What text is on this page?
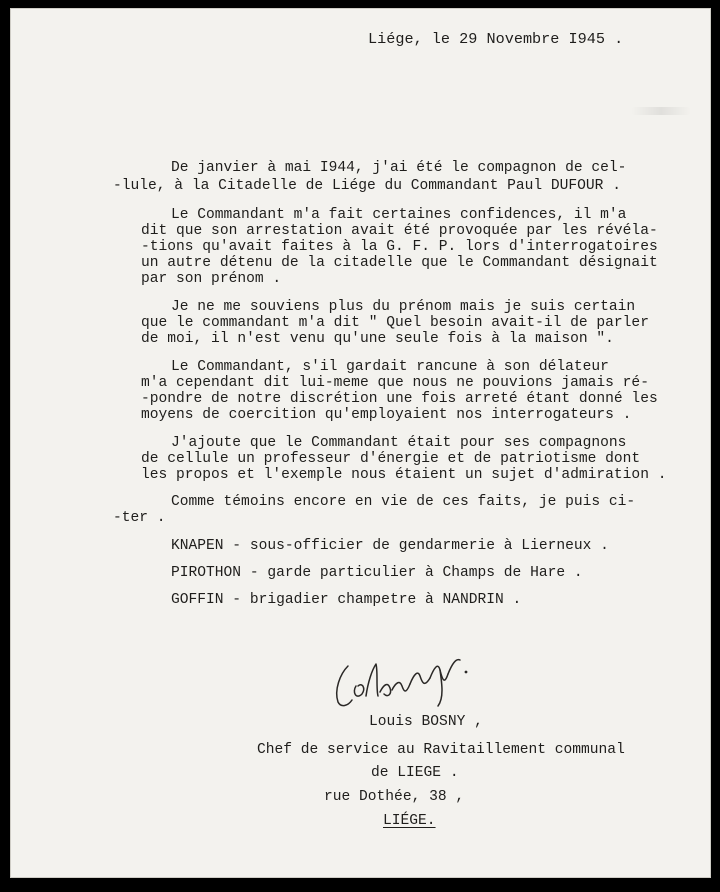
Liége, le 29 Novembre I945 .
De janvier à mai I944, j'ai été le compagnon de cel-
-lule, à la Citadelle de Liége du Commandant Paul DUFOUR .
Le Commandant m'a fait certaines confidences, il m'a
dit que son arrestation avait été provoquée par les révéla-
-tions qu'avait faites à la G. F. P. lors d'interrogatoires
un autre détenu de la citadelle que le Commandant désignait
par son prénom .
Je ne me souviens plus du prénom mais je suis certain
que le commandant m'a dit " Quel besoin avait-il de parler
de moi, il n'est venu qu'une seule fois à la maison ".
Le Commandant, s'il gardait rancune à son délateur
m'a cependant dit lui-meme que nous ne pouvions jamais ré-
-pondre de notre discrétion une fois arreté étant donné les
moyens de coercition qu'employaient nos interrogateurs .
J'ajoute que le Commandant était pour ses compagnons
de cellule un professeur d'énergie et de patriotisme dont
les propos et l'exemple nous étaient un sujet d'admiration .
Comme témoins encore en vie de ces faits, je puis ci-
-ter .
KNAPEN - sous-officier de gendarmerie à Lierneux .
PIROTHON - garde particulier à Champs de Hare .
GOFFIN - brigadier champetre à NANDRIN .
Louis BOSNY ,
Chef de service au Ravitaillement communal
de LIEGE .
rue Dothée, 38 ,
LIÉGE.
